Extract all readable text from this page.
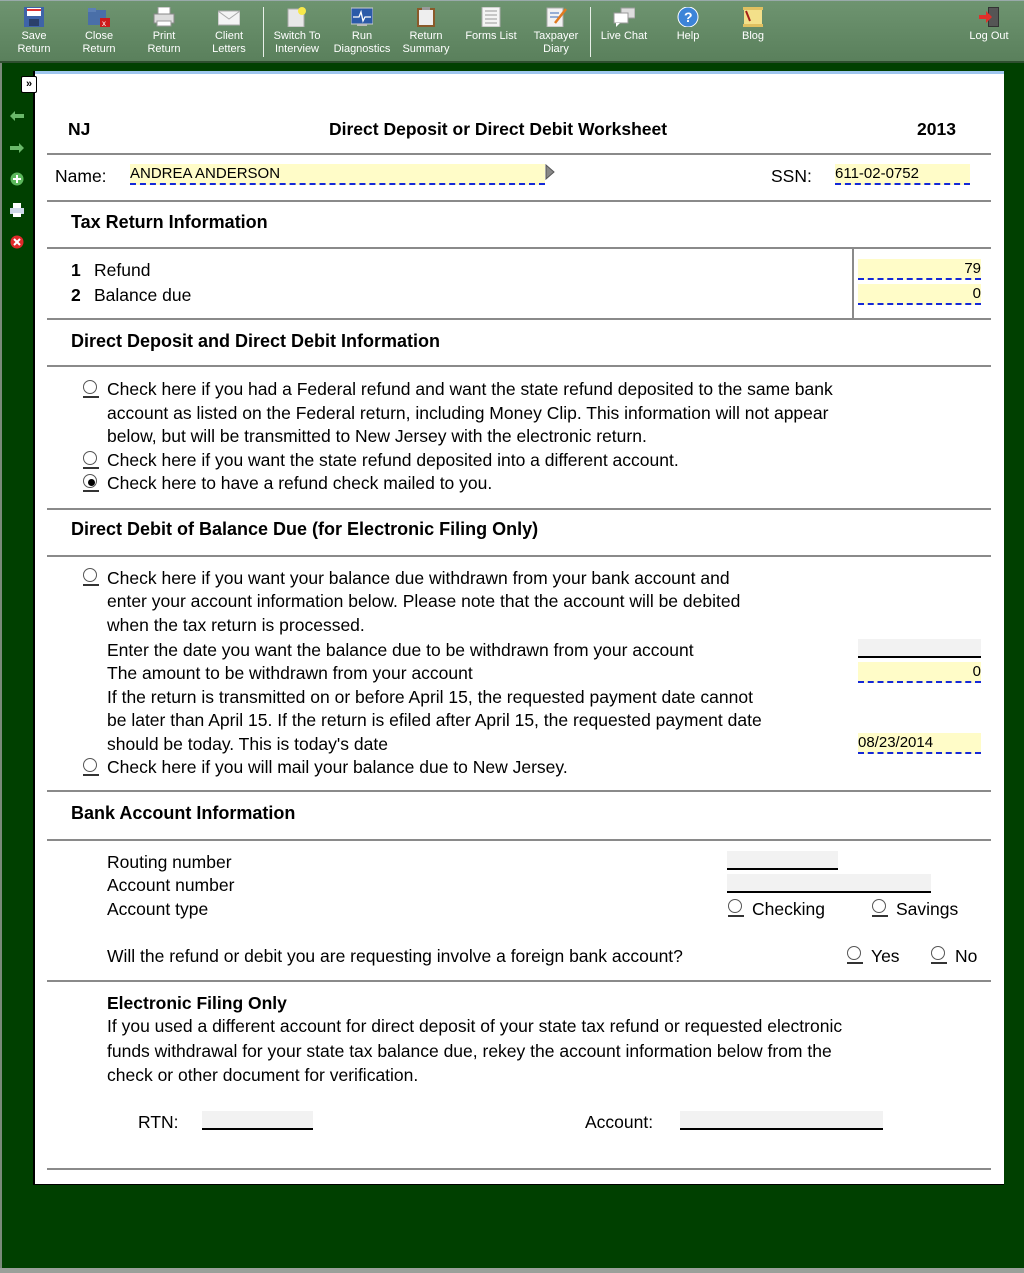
Save
Return
x
Close
Return
Print
Return
Client
Letters
Switch To
Interview
Run
Diagnostics
Return
Summary
Forms List	Taxpayer
Diary
Live Chat

?
Help	Blog	Log Out

»
NJ	Direct Deposit or Direct Debit Worksheet	2013
Name: ANDREA ANDERSON	SSN: 611-02-0752
Tax Return Information
1 Refund	79
2 Balance due	0
Direct Deposit and Direct Debit Information
Check here if you had a Federal refund and want the state refund deposited to the same bank
account as listed on the Federal return, including Money Clip. This information will not appear
below, but will be transmitted to New Jersey with the electronic return.
Check here if you want the state refund deposited into a different account.
Check here to have a refund check mailed to you.
Direct Debit of Balance Due (for Electronic Filing Only)
Check here if you want your balance due withdrawn from your bank account and
enter your account information below. Please note that the account will be debited
when the tax return is processed.
Enter the date you want the balance due to be withdrawn from your account
The amount to be withdrawn from your account	0
If the return is transmitted on or before April 15, the requested payment date cannot
be later than April 15. If the return is efiled after April 15, the requested payment date
should be today. This is today's date	08/23/2014
Check here if you will mail your balance due to New Jersey.
Bank Account Information
Routing number
Account number
Account type	Checking	Savings
Will the refund or debit you are requesting involve a foreign bank account?	Yes	No
Electronic Filing Only
If you used a different account for direct deposit of your state tax refund or requested electronic
funds withdrawal for your state tax balance due, rekey the account information below from the
check or other document for verification.
RTN:	Account:
